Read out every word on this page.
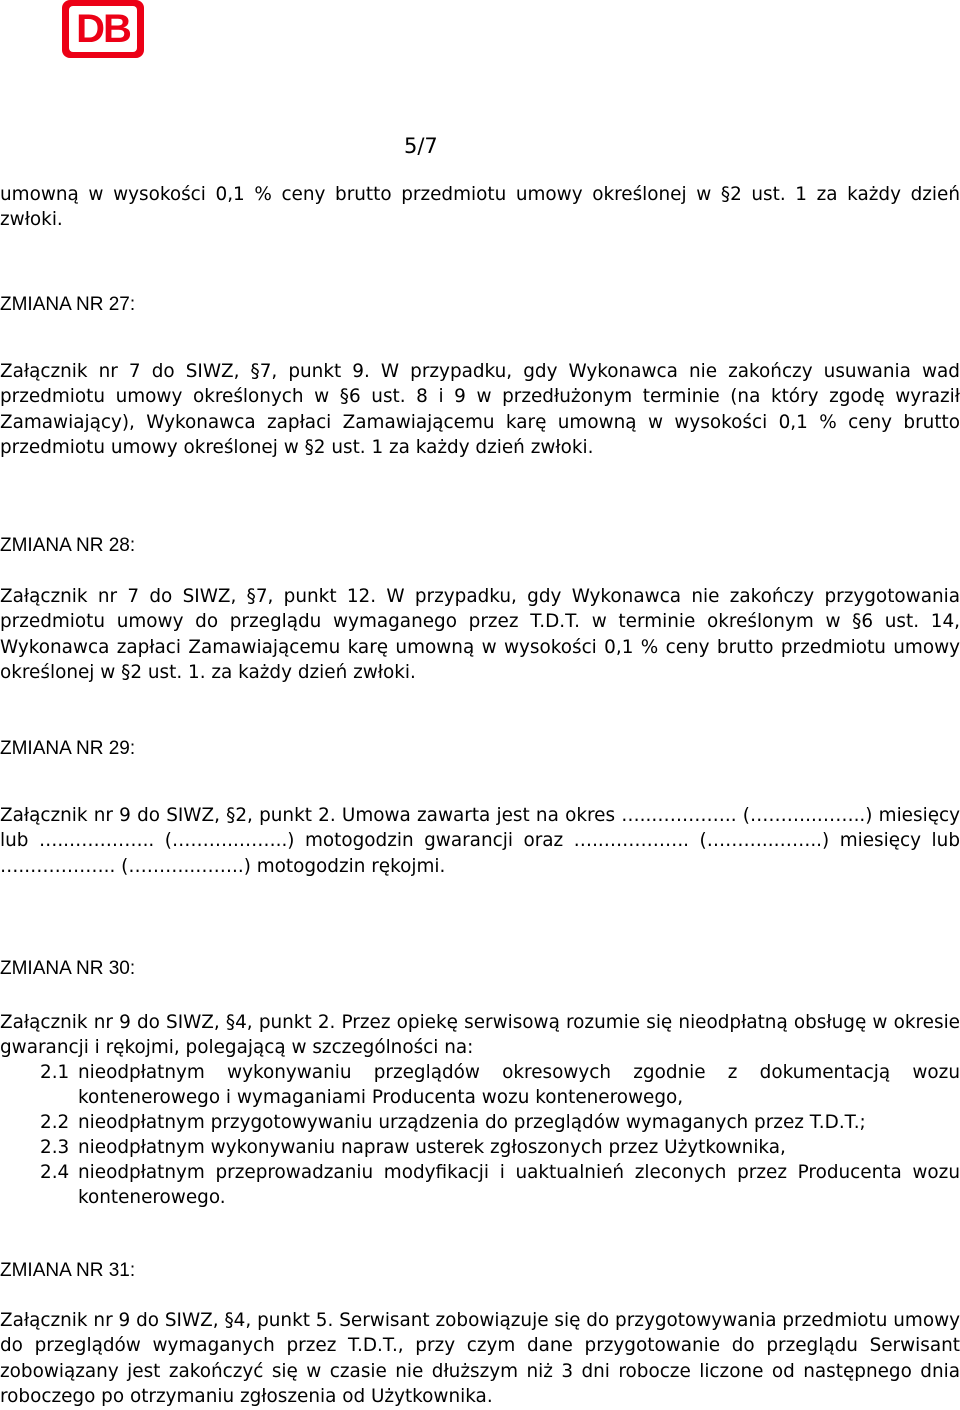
DB
5/7
umowną w wysokości 0,1 % ceny brutto przedmiotu umowy określonej w §2 ust. 1 za każdy dzień zwłoki.
ZMIANA NR 27:
Załącznik nr 7 do SIWZ, §7, punkt 9. W przypadku, gdy Wykonawca nie zakończy usuwania wad przedmiotu umowy określonych w §6 ust. 8 i 9 w przedłużonym terminie (na który zgodę wyraził Zamawiający), Wykonawca zapłaci Zamawiającemu karę umowną w wysokości 0,1 % ceny brutto przedmiotu umowy określonej w §2 ust. 1 za każdy dzień zwłoki.
ZMIANA NR 28:
Załącznik nr 7 do SIWZ, §7, punkt 12. W przypadku, gdy Wykonawca nie zakończy przygotowania przedmiotu umowy do przeglądu wymaganego przez T.D.T. w terminie określonym w §6 ust. 14, Wykonawca zapłaci Zamawiającemu karę umowną w wysokości 0,1 % ceny brutto przedmiotu umowy określonej w §2 ust. 1. za każdy dzień zwłoki.
ZMIANA NR 29:
Załącznik nr 9 do SIWZ, §2, punkt 2. Umowa zawarta jest na okres …..………….. (………..……..) miesięcy lub …..………….. (………..……..) motogodzin gwarancji oraz …..………….. (………..……..) miesięcy lub …..………….. (………..……..) motogodzin rękojmi.
ZMIANA NR 30:
Załącznik nr 9 do SIWZ, §4, punkt 2. Przez opiekę serwisową rozumie się nieodpłatną obsługę w okresie gwarancji i rękojmi, polegającą w szczególności na:
2.1 nieodpłatnym wykonywaniu przeglądów okresowych zgodnie z dokumentacją wozu kontenerowego i wymaganiami Producenta wozu kontenerowego,
2.2 nieodpłatnym przygotowywaniu urządzenia do przeglądów wymaganych przez T.D.T.;
2.3 nieodpłatnym wykonywaniu napraw usterek zgłoszonych przez Użytkownika,
2.4 nieodpłatnym przeprowadzaniu modyfikacji i uaktualnień zleconych przez Producenta wozu kontenerowego.
ZMIANA NR 31:
Załącznik nr 9 do SIWZ, §4, punkt 5. Serwisant zobowiązuje się do przygotowywania przedmiotu umowy do przeglądów wymaganych przez T.D.T., przy czym dane przygotowanie do przeglądu Serwisant zobowiązany jest zakończyć się w czasie nie dłuższym niż 3 dni robocze liczone od następnego dnia roboczego po otrzymaniu zgłoszenia od Użytkownika.
